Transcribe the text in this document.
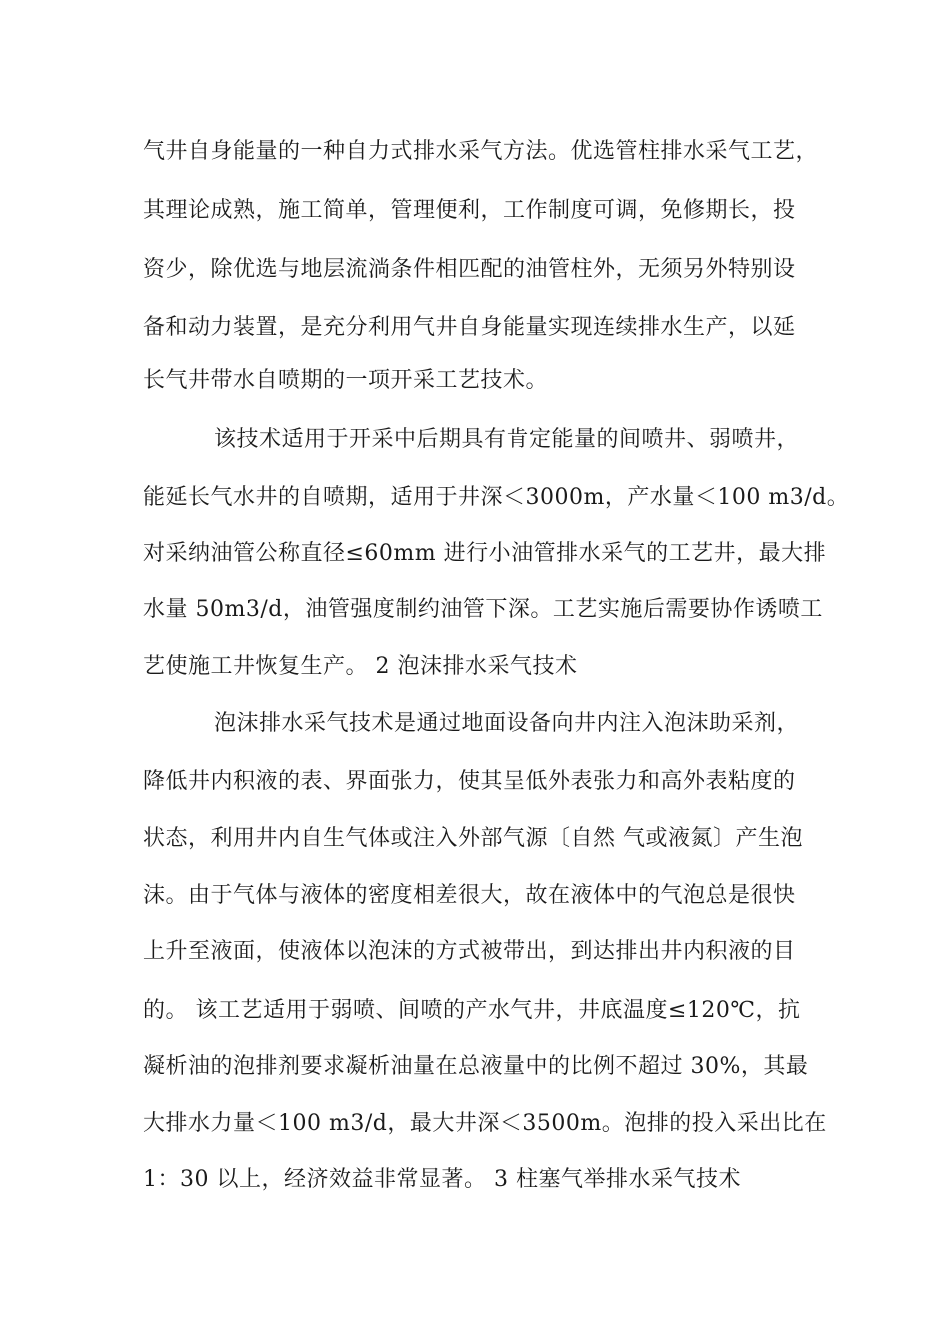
气井自身能量的一种自力式排水采气方法。优选管柱排水采气工艺，
其理论成熟，施工简单，管理便利，工作制度可调，免修期长，投
资少，除优选与地层流淌条件相匹配的油管柱外，无须另外特别设
备和动力装置，是充分利用气井自身能量实现连续排水生产，以延
长气井带水自喷期的一项开采工艺技术。
该技术适用于开采中后期具有肯定能量的间喷井、弱喷井，
能延长气水井的自喷期，适用于井深＜3000m，产水量＜100 m3/d。
对采纳油管公称直径≤60mm 进行小油管排水采气的工艺井，最大排
水量 50m3/d，油管强度制约油管下深。工艺实施后需要协作诱喷工
艺使施工井恢复生产。 2 泡沫排水采气技术
泡沫排水采气技术是通过地面设备向井内注入泡沫助采剂，
降低井内积液的表、界面张力，使其呈低外表张力和高外表粘度的
状态，利用井内自生气体或注入外部气源〔自然 气或液氮〕产生泡
沫。由于气体与液体的密度相差很大，故在液体中的气泡总是很快
上升至液面，使液体以泡沫的方式被带出，到达排出井内积液的目
的。 该工艺适用于弱喷、间喷的产水气井，井底温度≤120℃，抗
凝析油的泡排剂要求凝析油量在总液量中的比例不超过 30%，其最
大排水力量＜100 m3/d，最大井深＜3500m。泡排的投入采出比在
1：30 以上，经济效益非常显著。 3 柱塞气举排水采气技术
